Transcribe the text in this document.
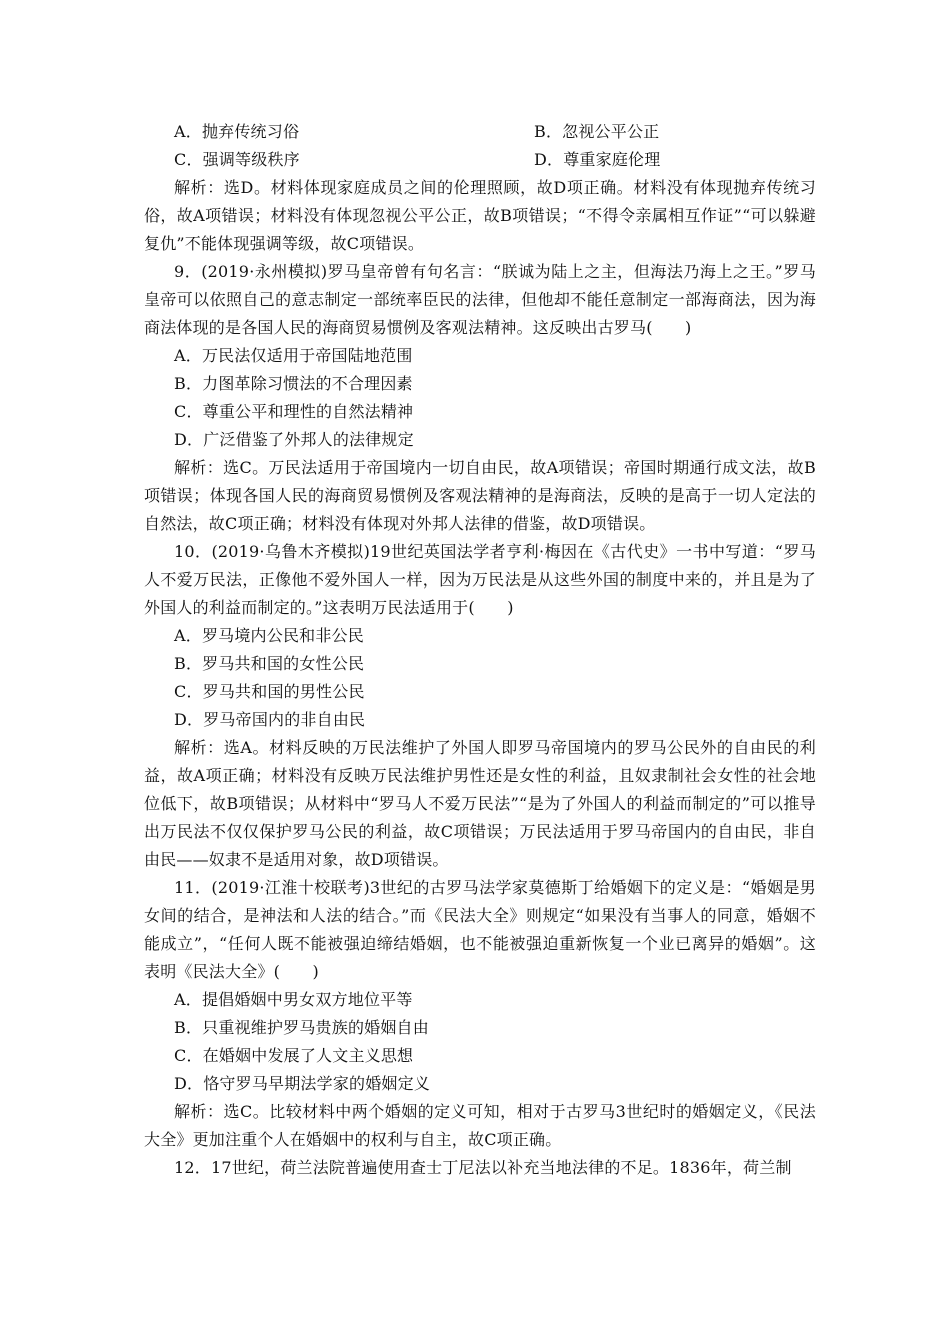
A．抛弃传统习俗	B．忽视公平公正
C．强调等级秩序	D．尊重家庭伦理
解析：选D。材料体现家庭成员之间的伦理照顾，故D项正确。材料没有体现抛弃传统习俗，故A项错误；材料没有体现忽视公平公正，故B项错误；“不得令亲属相互作证”“可以躲避复仇”不能体现强调等级，故C项错误。
9．(2019·永州模拟)罗马皇帝曾有句名言：“朕诚为陆上之主，但海法乃海上之王。”罗马皇帝可以依照自己的意志制定一部统率臣民的法律，但他却不能任意制定一部海商法，因为海商法体现的是各国人民的海商贸易惯例及客观法精神。这反映出古罗马(　　)
A．万民法仅适用于帝国陆地范围
B．力图革除习惯法的不合理因素
C．尊重公平和理性的自然法精神
D．广泛借鉴了外邦人的法律规定
解析：选C。万民法适用于帝国境内一切自由民，故A项错误；帝国时期通行成文法，故B项错误；体现各国人民的海商贸易惯例及客观法精神的是海商法，反映的是高于一切人定法的自然法，故C项正确；材料没有体现对外邦人法律的借鉴，故D项错误。
10．(2019·乌鲁木齐模拟)19世纪英国法学者亨利·梅因在《古代史》一书中写道：“罗马人不爱万民法，正像他不爱外国人一样，因为万民法是从这些外国的制度中来的，并且是为了外国人的利益而制定的。”这表明万民法适用于(　　)
A．罗马境内公民和非公民
B．罗马共和国的女性公民
C．罗马共和国的男性公民
D．罗马帝国内的非自由民
解析：选A。材料反映的万民法维护了外国人即罗马帝国境内的罗马公民外的自由民的利益，故A项正确；材料没有反映万民法维护男性还是女性的利益，且奴隶制社会女性的社会地位低下，故B项错误；从材料中“罗马人不爱万民法”“是为了外国人的利益而制定的”可以推导出万民法不仅仅保护罗马公民的利益，故C项错误；万民法适用于罗马帝国内的自由民，非自由民——奴隶不是适用对象，故D项错误。
11．(2019·江淮十校联考)3世纪的古罗马法学家莫德斯丁给婚姻下的定义是：“婚姻是男女间的结合，是神法和人法的结合。”而《民法大全》则规定“如果没有当事人的同意，婚姻不能成立”，“任何人既不能被强迫缔结婚姻，也不能被强迫重新恢复一个业已离异的婚姻”。这表明《民法大全》(　　)
A．提倡婚姻中男女双方地位平等
B．只重视维护罗马贵族的婚姻自由
C．在婚姻中发展了人文主义思想
D．恪守罗马早期法学家的婚姻定义
解析：选C。比较材料中两个婚姻的定义可知，相对于古罗马3世纪时的婚姻定义，《民法大全》更加注重个人在婚姻中的权利与自主，故C项正确。
12．17世纪，荷兰法院普遍使用查士丁尼法以补充当地法律的不足。1836年，荷兰制
